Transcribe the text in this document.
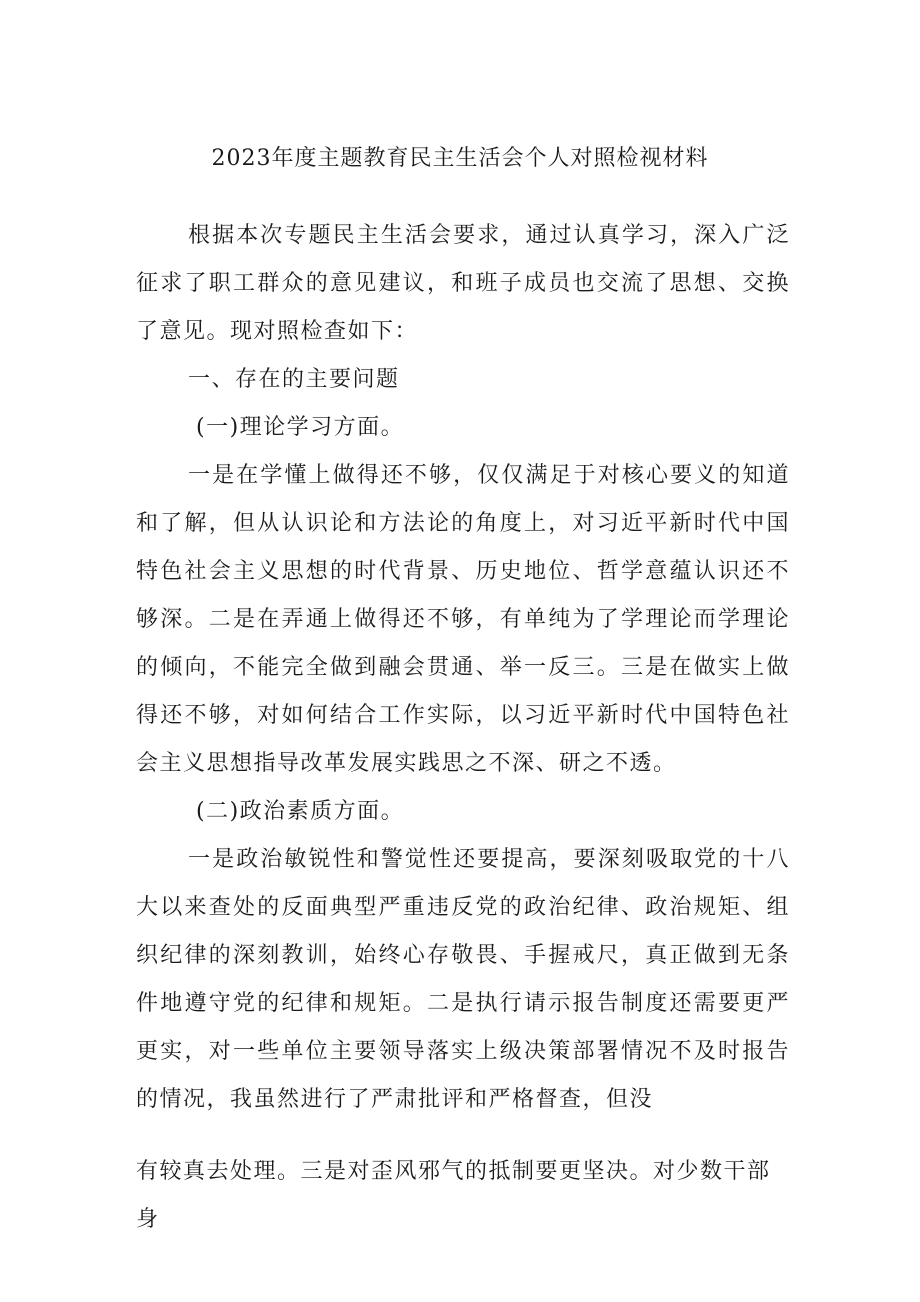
2023年度主题教育民主生活会个人对照检视材料

根据本次专题民主生活会要求，通过认真学习，深入广泛征求了职工群众的意见建议，和班子成员也交流了思想、交换了意见。现对照检查如下：

一、存在的主要问题

(一)理论学习方面。

一是在学懂上做得还不够，仅仅满足于对核心要义的知道和了解，但从认识论和方法论的角度上，对习近平新时代中国特色社会主义思想的时代背景、历史地位、哲学意蕴认识还不够深。二是在弄通上做得还不够，有单纯为了学理论而学理论的倾向，不能完全做到融会贯通、举一反三。三是在做实上做得还不够，对如何结合工作实际，以习近平新时代中国特色社会主义思想指导改革发展实践思之不深、研之不透。

(二)政治素质方面。

一是政治敏锐性和警觉性还要提高，要深刻吸取党的十八大以来查处的反面典型严重违反党的政治纪律、政治规矩、组织纪律的深刻教训，始终心存敬畏、手握戒尺，真正做到无条件地遵守党的纪律和规矩。二是执行请示报告制度还需要更严更实，对一些单位主要领导落实上级决策部署情况不及时报告的情况，我虽然进行了严肃批评和严格督查，但没

有较真去处理。三是对歪风邪气的抵制要更坚决。对少数干部身
